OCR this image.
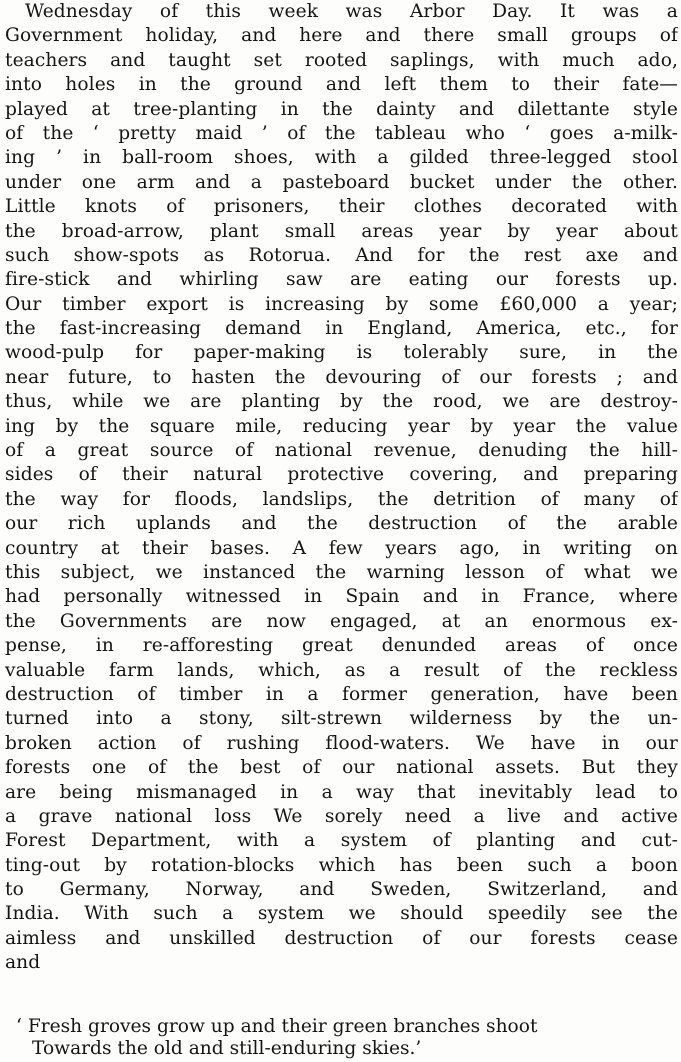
Wednesday of this week was Arbor Day. It was a
Government holiday, and here and there small groups of
teachers and taught set rooted saplings, with much ado,
into holes in the ground and left them to their fate—
played at tree-planting in the dainty and dilettante style
of the ‘ pretty maid ’ of the tableau who ‘ goes a-milk-
ing ’ in ball-room shoes, with a gilded three-legged stool
under one arm and a pasteboard bucket under the other.
Little knots of prisoners, their clothes decorated with
the broad-arrow, plant small areas year by year about
such show-spots as Rotorua. And for the rest axe and
fire-stick and whirling saw are eating our forests up.
Our timber export is increasing by some £60,000 a year;
the fast-increasing demand in England, America, etc., for
wood-pulp for paper-making is tolerably sure, in the
near future, to hasten the devouring of our forests ; and
thus, while we are planting by the rood, we are destroy-
ing by the square mile, reducing year by year the value
of a great source of national revenue, denuding the hill-
sides of their natural protective covering, and preparing
the way for floods, landslips, the detrition of many of
our rich uplands and the destruction of the arable
country at their bases. A few years ago, in writing on
this subject, we instanced the warning lesson of what we
had personally witnessed in Spain and in France, where
the Governments are now engaged, at an enormous ex-
pense, in re-afforesting great denunded areas of once
valuable farm lands, which, as a result of the reckless
destruction of timber in a former generation, have been
turned into a stony, silt-strewn wilderness by the un-
broken action of rushing flood-waters. We have in our
forests one of the best of our national assets. But they
are being mismanaged in a way that inevitably lead to
a grave national loss We sorely need a live and active
Forest Department, with a system of planting and cut-
ting-out by rotation-blocks which has been such a boon
to Germany, Norway, and Sweden, Switzerland, and
India. With such a system we should speedily see the
aimless and unskilled destruction of our forests cease
and
‘ Fresh groves grow up and their green branches shoot
Towards the old and still-enduring skies.’
